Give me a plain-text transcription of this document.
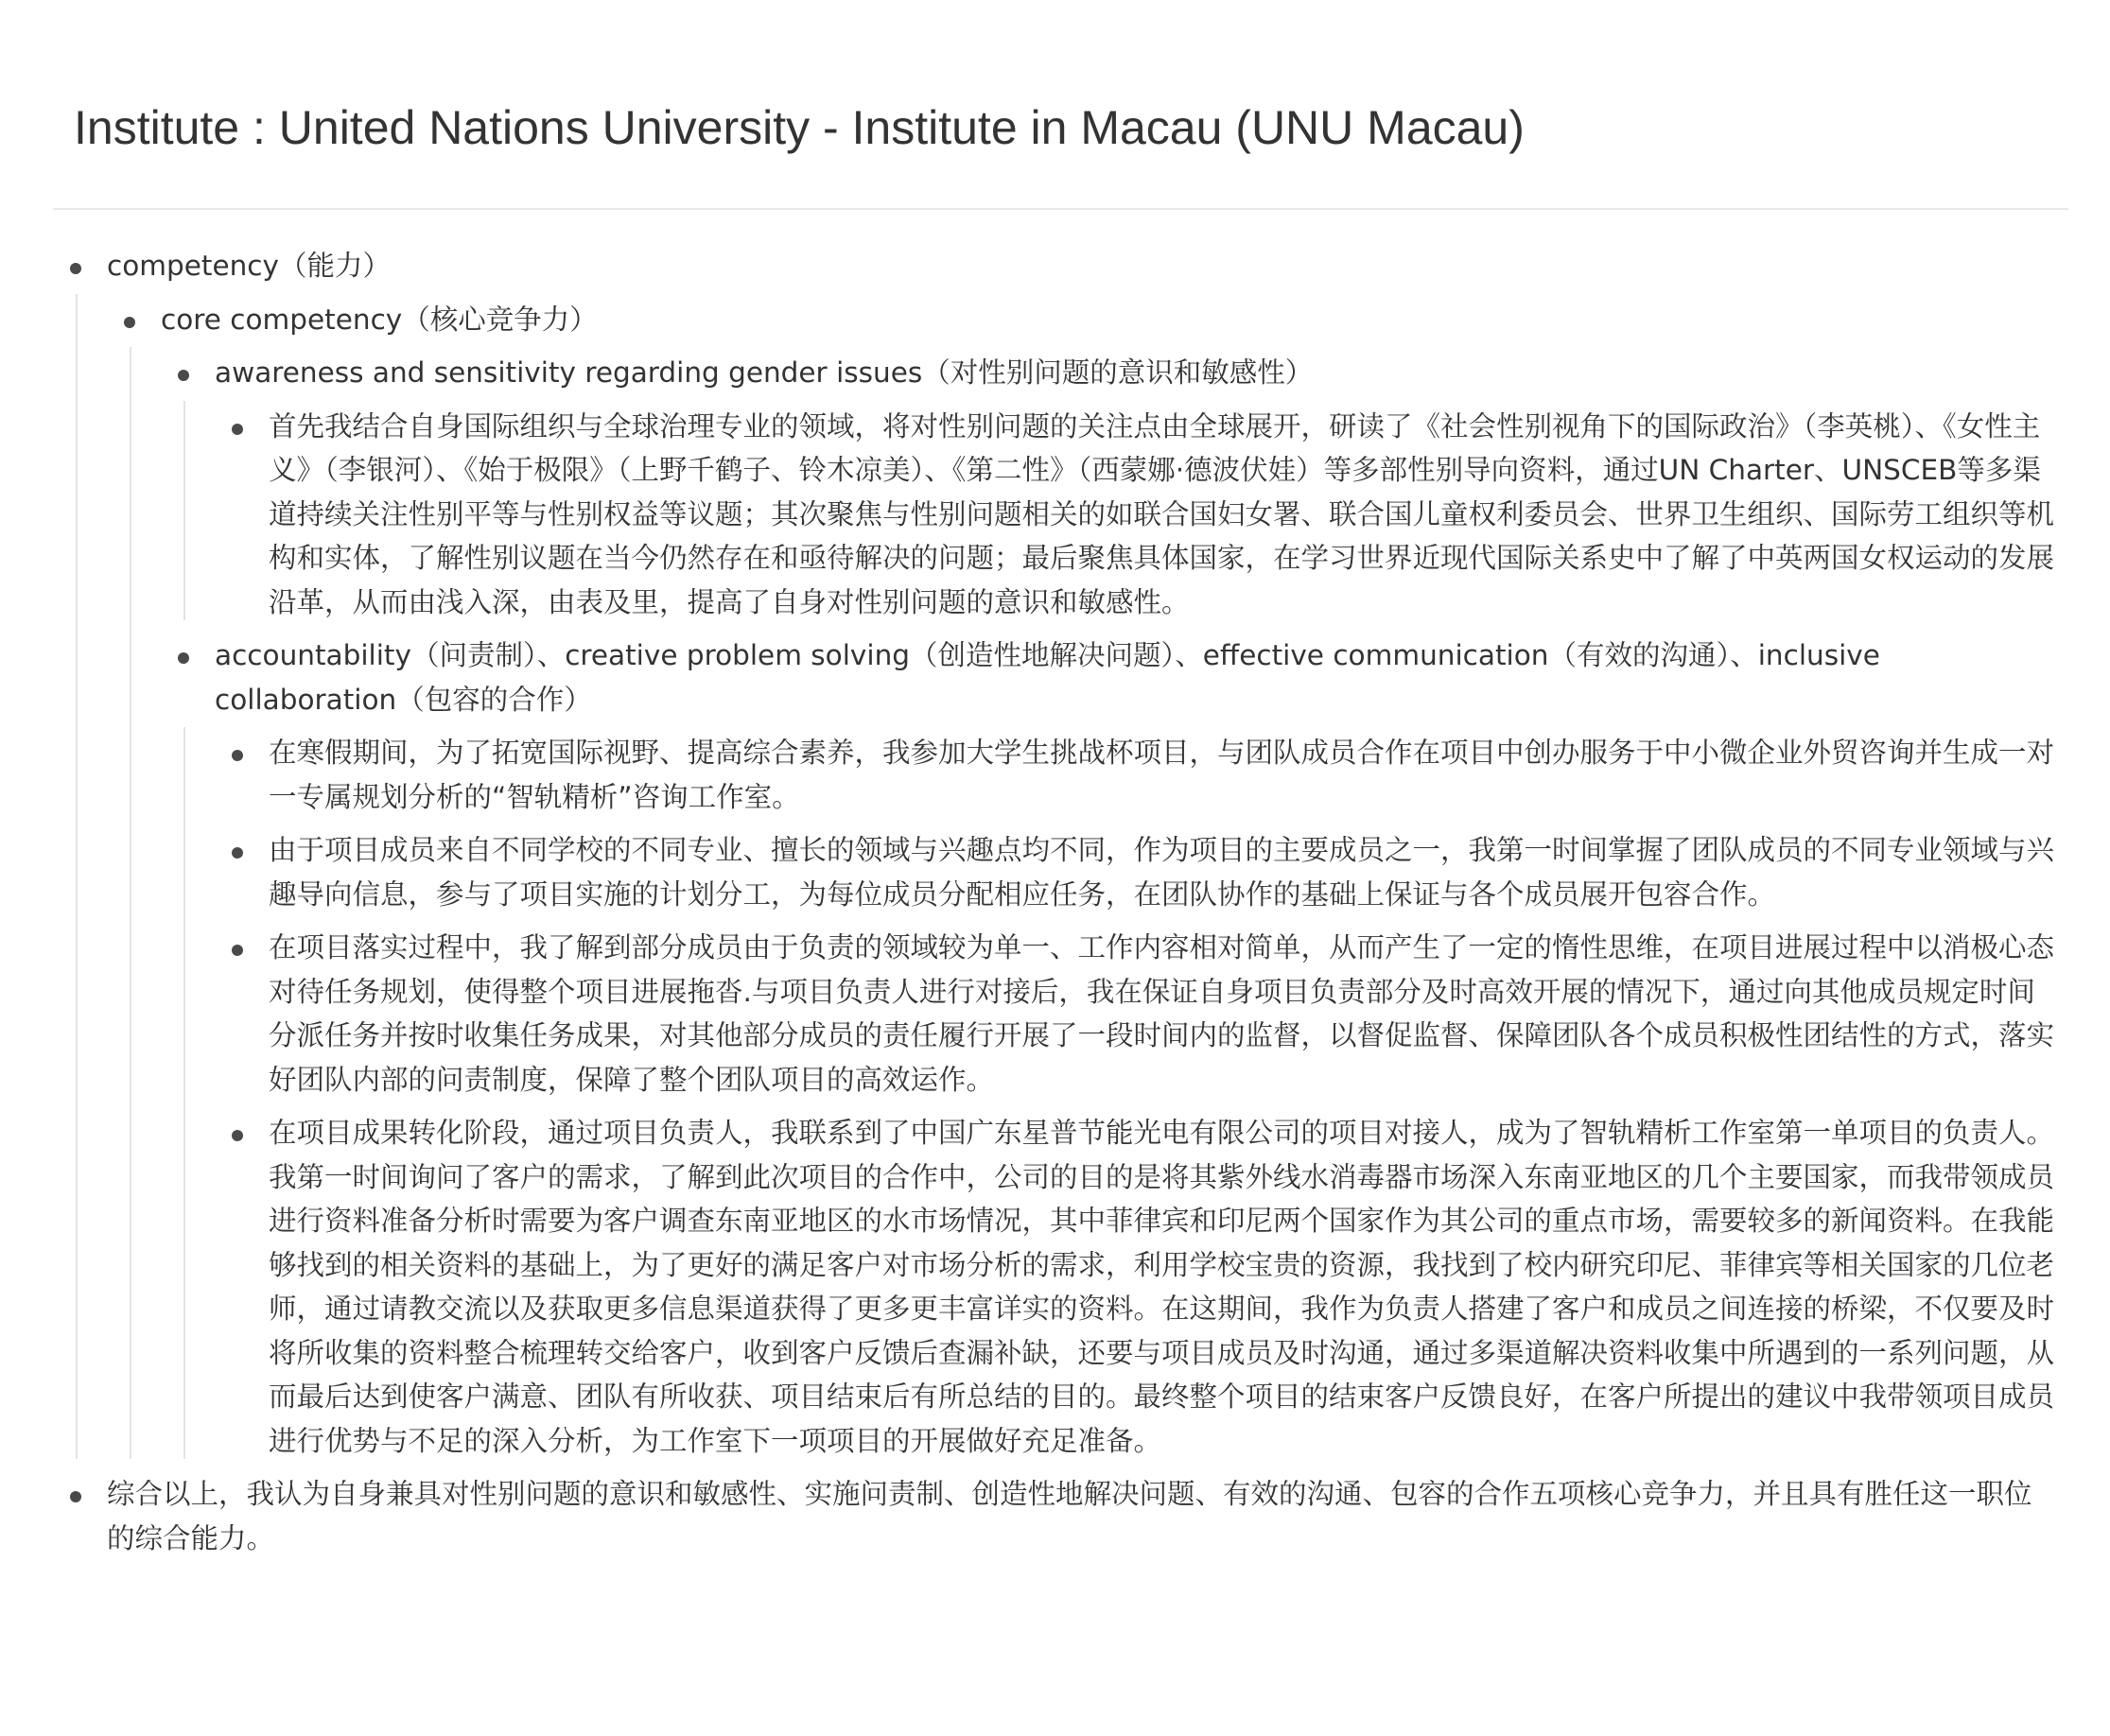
Institute : United Nations University - Institute in Macau (UNU Macau)
competency（能力）
core competency（核心竞争力）
awareness and sensitivity regarding gender issues（对性别问题的意识和敏感性）
首先我结合自身国际组织与全球治理专业的领域，将对性别问题的关注点由全球展开，研读了《社会性别视角下的国际政治》（李英桃）、《女性主义》（李银河）、《始于极限》（上野千鹤子、铃木凉美）、《第二性》（西蒙娜·德波伏娃）等多部性别导向资料，通过UN Charter、UNSCEB等多渠道持续关注性别平等与性别权益等议题；其次聚焦与性别问题相关的如联合国妇女署、联合国儿童权利委员会、世界卫生组织、国际劳工组织等机构和实体，了解性别议题在当今仍然存在和亟待解决的问题；最后聚焦具体国家，在学习世界近现代国际关系史中了解了中英两国女权运动的发展沿革，从而由浅入深，由表及里，提高了自身对性别问题的意识和敏感性。
accountability（问责制）、creative problem solving（创造性地解决问题）、effective communication（有效的沟通）、inclusive collaboration（包容的合作）
在寒假期间，为了拓宽国际视野、提高综合素养，我参加大学生挑战杯项目，与团队成员合作在项目中创办服务于中小微企业外贸咨询并生成一对一专属规划分析的“智轨精析”咨询工作室。
由于项目成员来自不同学校的不同专业、擅长的领域与兴趣点均不同，作为项目的主要成员之一，我第一时间掌握了团队成员的不同专业领域与兴趣导向信息，参与了项目实施的计划分工，为每位成员分配相应任务，在团队协作的基础上保证与各个成员展开包容合作。
在项目落实过程中，我了解到部分成员由于负责的领域较为单一、工作内容相对简单，从而产生了一定的惰性思维，在项目进展过程中以消极心态对待任务规划，使得整个项目进展拖沓.与项目负责人进行对接后，我在保证自身项目负责部分及时高效开展的情况下，通过向其他成员规定时间分派任务并按时收集任务成果，对其他部分成员的责任履行开展了一段时间内的监督，以督促监督、保障团队各个成员积极性团结性的方式，落实好团队内部的问责制度，保障了整个团队项目的高效运作。
在项目成果转化阶段，通过项目负责人，我联系到了中国广东星普节能光电有限公司的项目对接人，成为了智轨精析工作室第一单项目的负责人。我第一时间询问了客户的需求，了解到此次项目的合作中，公司的目的是将其紫外线水消毒器市场深入东南亚地区的几个主要国家，而我带领成员进行资料准备分析时需要为客户调查东南亚地区的水市场情况，其中菲律宾和印尼两个国家作为其公司的重点市场，需要较多的新闻资料。在我能够找到的相关资料的基础上，为了更好的满足客户对市场分析的需求，利用学校宝贵的资源，我找到了校内研究印尼、菲律宾等相关国家的几位老师，通过请教交流以及获取更多信息渠道获得了更多更丰富详实的资料。在这期间，我作为负责人搭建了客户和成员之间连接的桥梁，不仅要及时将所收集的资料整合梳理转交给客户，收到客户反馈后查漏补缺，还要与项目成员及时沟通，通过多渠道解决资料收集中所遇到的一系列问题，从而最后达到使客户满意、团队有所收获、项目结束后有所总结的目的。最终整个项目的结束客户反馈良好，在客户所提出的建议中我带领项目成员进行优势与不足的深入分析，为工作室下一项项目的开展做好充足准备。
综合以上，我认为自身兼具对性别问题的意识和敏感性、实施问责制、创造性地解决问题、有效的沟通、包容的合作五项核心竞争力，并且具有胜任这一职位的综合能力。
